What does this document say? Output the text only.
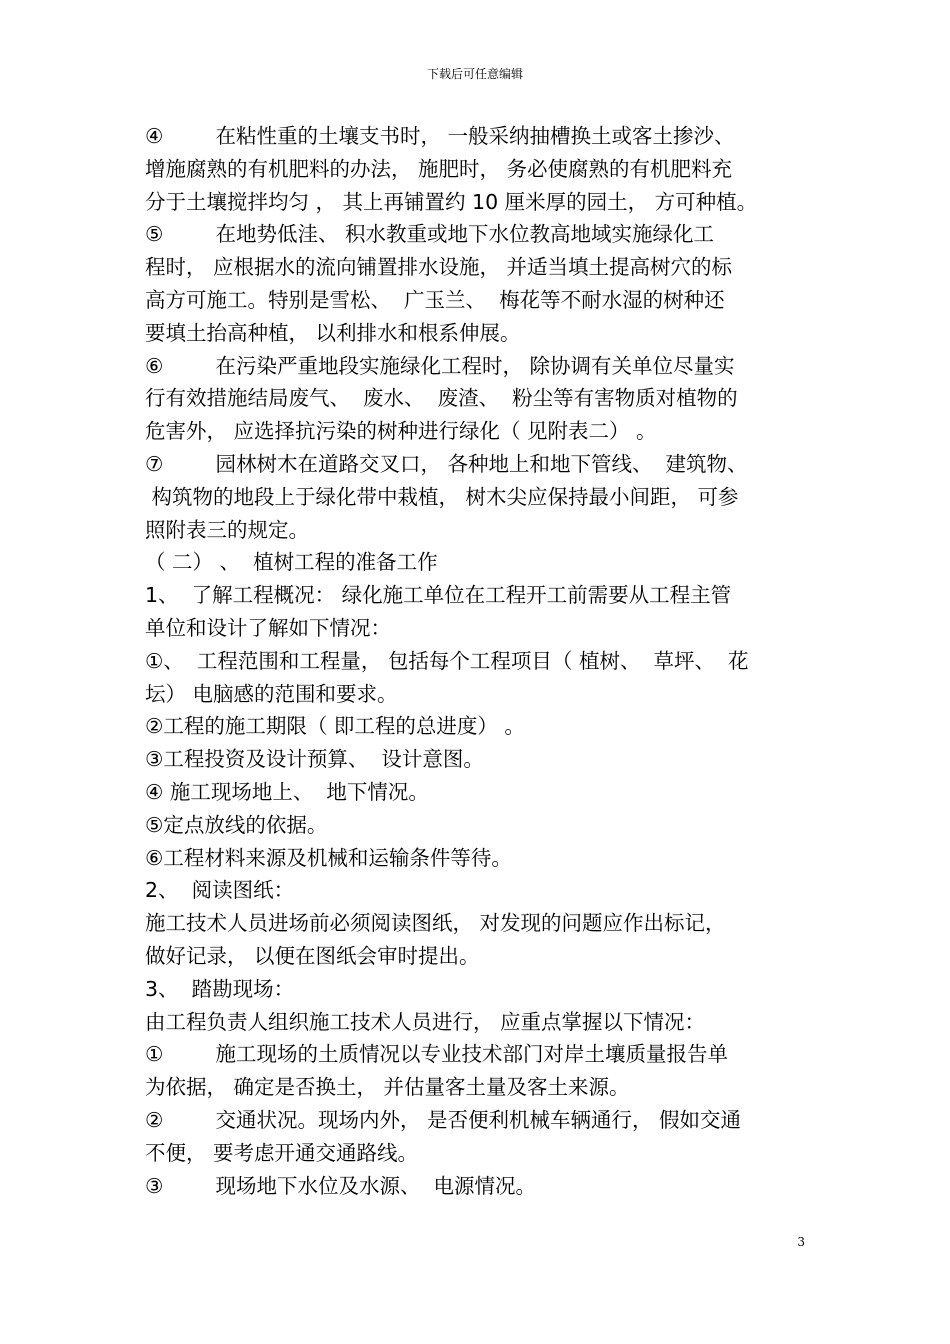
下载后可任意编辑
④        在粘性重的土壤支书时， 一般采纳抽槽换土或客土掺沙、
增施腐熟的有机肥料的办法， 施肥时， 务必使腐熟的有机肥料充
分于土壤搅拌均匀 ， 其上再铺置约 10 厘米厚的园土， 方可种植。
⑤        在地势低洼、 积水教重或地下水位教高地域实施绿化工
程时， 应根据水的流向铺置排水设施， 并适当填土提高树穴的标
高方可施工。特别是雪松、  广玉兰、  梅花等不耐水湿的树种还
要填土抬高种植， 以利排水和根系伸展。
⑥        在污染严重地段实施绿化工程时， 除协调有关单位尽量实
行有效措施结局废气、  废水、  废渣、  粉尘等有害物质对植物的
危害外， 应选择抗污染的树种进行绿化（ 见附表二） 。
⑦        园林树木在道路交叉口， 各种地上和地下管线、  建筑物、
构筑物的地段上于绿化带中栽植， 树木尖应保持最小间距， 可参
照附表三的规定。
（ 二） 、  植树工程的准备工作
1、  了解工程概况： 绿化施工单位在工程开工前需要从工程主管
单位和设计了解如下情况：
①、  工程范围和工程量， 包括每个工程项目（ 植树、  草坪、  花
坛） 电脑感的范围和要求。
②工程的施工期限（ 即工程的总进度） 。
③工程投资及设计预算、  设计意图。
④ 施工现场地上、  地下情况。
⑤定点放线的依据。
⑥工程材料来源及机械和运输条件等待。
2、  阅读图纸：
施工技术人员进场前必须阅读图纸， 对发现的问题应作出标记，
做好记录， 以便在图纸会审时提出。
3、  踏勘现场：
由工程负责人组织施工技术人员进行， 应重点掌握以下情况：
①        施工现场的土质情况以专业技术部门对岸土壤质量报告单
为依据， 确定是否换土， 并估量客土量及客土来源。
②        交通状况。现场内外， 是否便利机械车辆通行， 假如交通
不便， 要考虑开通交通路线。
③        现场地下水位及水源、  电源情况。
3
